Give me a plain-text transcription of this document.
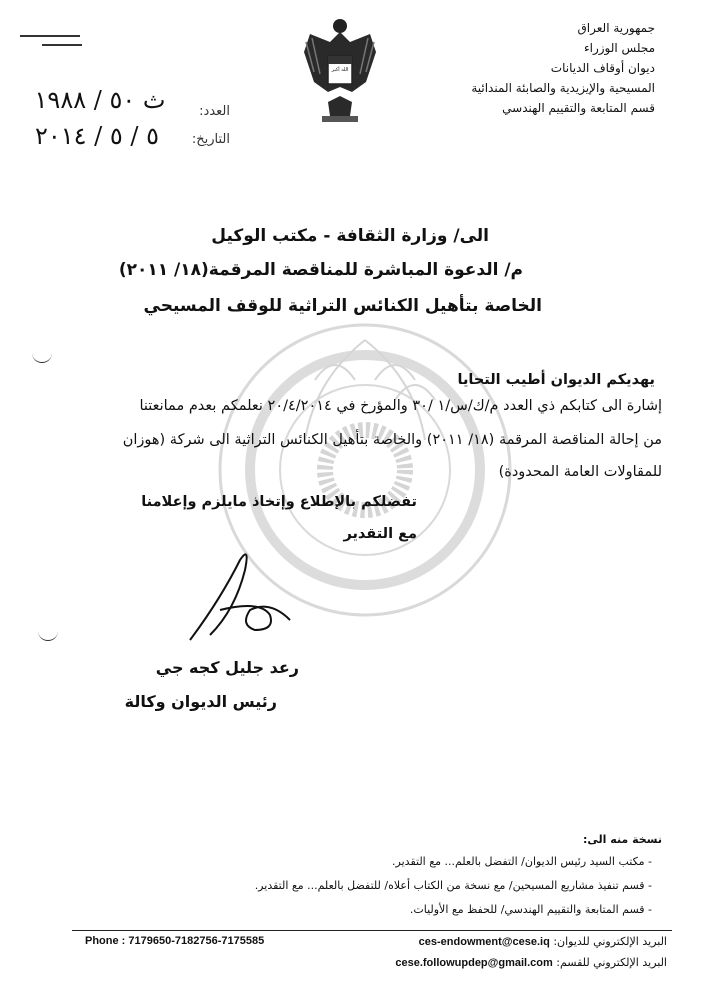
جمهورية العراق
مجلس الوزراء
ديوان أوقاف الديانات
المسيحية والإيزيدية والصابئة المندائية
قسم المتابعة والتقييم الهندسي
الله أكبر
العدد:
ث ٥٠ / ١٩٨٨
التاريخ:
٥ / ٥ / ٢٠١٤
الى/ وزارة الثقافة - مكتب الوكيل
م/ الدعوة المباشرة للمناقصة المرقمة(١٨/ ٢٠١١)
الخاصة بتأهيل الكنائس التراثية للوقف المسيحي
يهديكم الديوان أطيب التحايا
إشارة الى كتابكم ذي العدد م/ك/س/١ /٣٠ والمؤرخ في ٢٠/٤/٢٠١٤ نعلمكم بعدم ممانعتنا
من إحالة المناقصة المرقمة (١٨/ ٢٠١١) والخاصة بتأهيل الكنائس التراثية الى شركة (هوزان
للمقاولات العامة المحدودة)
تفضلكم بالإطلاع وإتخاذ مايلزم وإعلامنا
مع التقدير
رعد جليل كجه جي
رئيس الديوان وكالة
نسخة منه الى:
- مكتب السيد رئيس الديوان/ التفضل بالعلم... مع التقدير.
- قسم تنفيذ مشاريع المسيحين/ مع نسخة من الكتاب أعلاه/ للتفضل بالعلم... مع التقدير.
- قسم المتابعة والتقييم الهندسي/ للحفظ مع الأوليات.
Phone : 7179650-7182756-7175585	البريد الإلكتروني للديوان: ces-endowment@cese.iq
البريد الإلكتروني للقسم: cese.followupdep@gmail.com
